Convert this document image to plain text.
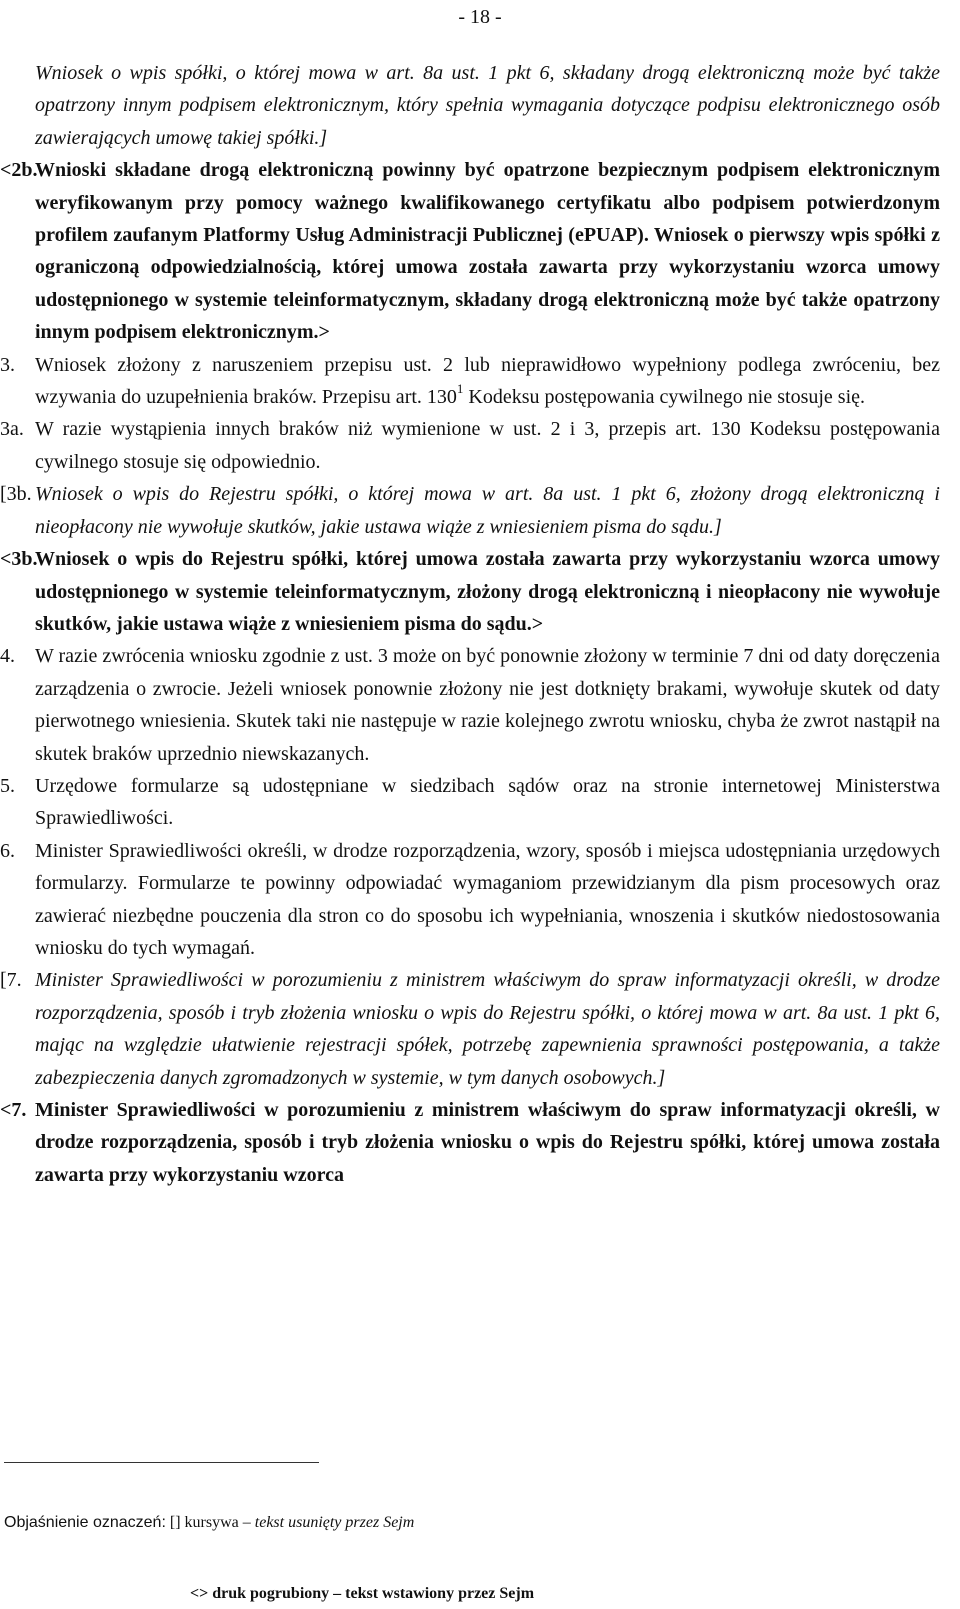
- 18 -
Wniosek o wpis spółki, o której mowa w art. 8a ust. 1 pkt 6, składany drogą elektroniczną może być także opatrzony innym podpisem elektronicznym, który spełnia wymagania dotyczące podpisu elektronicznego osób zawierających umowę takiej spółki.]
<2b.
Wnioski składane drogą elektroniczną powinny być opatrzone bezpiecznym podpisem elektronicznym weryfikowanym przy pomocy ważnego kwalifikowanego certyfikatu albo podpisem potwierdzonym profilem zaufanym Platformy Usług Administracji Publicznej (ePUAP). Wniosek o pierwszy wpis spółki z ograniczoną odpowiedzialnością, której umowa została zawarta przy wykorzystaniu wzorca umowy udostępnionego w systemie teleinformatycznym, składany drogą elektroniczną może być także opatrzony innym podpisem elektronicznym.>
3.	Wniosek złożony z naruszeniem przepisu ust. 2 lub nieprawidłowo wypełniony podlega zwróceniu, bez wzywania do uzupełnienia braków. Przepisu art. $130^1$ Kodeksu postępowania cywilnego nie stosuje się.
3a. W razie wystąpienia innych braków niż wymienione w ust. 2 i 3, przepis art. 130 Kodeksu postępowania cywilnego stosuje się odpowiednio.
[3b. Wniosek o wpis do Rejestru spółki, o której mowa w art. 8a ust. 1 pkt 6, złożony drogą elektroniczną i nieopłacony nie wywołuje skutków, jakie ustawa wiąże z wniesieniem pisma do sądu.]
<3b.
Wniosek o wpis do Rejestru spółki, której umowa została zawarta przy wykorzystaniu wzorca umowy udostępnionego w systemie teleinformatycznym, złożony drogą elektroniczną i nieopłacony nie wywołuje skutków, jakie ustawa wiąże z wniesieniem pisma do sądu.>
4.	W razie zwrócenia wniosku zgodnie z ust. 3 może on być ponownie złożony w terminie 7 dni od daty doręczenia zarządzenia o zwrocie. Jeżeli wniosek ponownie złożony nie jest dotknięty brakami, wywołuje skutek od daty pierwotnego wniesienia. Skutek taki nie następuje w razie kolejnego zwrotu wniosku, chyba że zwrot nastąpił na skutek braków uprzednio niewskazanych.
5.	Urzędowe formularze są udostępniane w siedzibach sądów oraz na stronie internetowej Ministerstwa Sprawiedliwości.
6.	Minister Sprawiedliwości określi, w drodze rozporządzenia, wzory, sposób i miejsca udostępniania urzędowych formularzy. Formularze te powinny odpowiadać wymaganiom przewidzianym dla pism procesowych oraz zawierać niezbędne pouczenia dla stron co do sposobu ich wypełniania, wnoszenia i skutków niedostosowania wniosku do tych wymagań.
[7. Minister Sprawiedliwości w porozumieniu z ministrem właściwym do spraw informatyzacji określi, w drodze rozporządzenia, sposób i tryb złożenia wniosku o wpis do Rejestru spółki, o której mowa w art. 8a ust. 1 pkt 6, mając na względzie ułatwienie rejestracji spółek, potrzebę zapewnienia sprawności postępowania, a także zabezpieczenia danych zgromadzonych w systemie, w tym danych osobowych.]
<7. Minister Sprawiedliwości w porozumieniu z ministrem właściwym do spraw informatyzacji określi, w drodze rozporządzenia, sposób i tryb złożenia wniosku o wpis do Rejestru spółki, której umowa została zawarta przy wykorzystaniu wzorca
Objaśnienie oznaczeń: [] kursywa – tekst usunięty przez Sejm
<> druk pogrubiony – tekst wstawiony przez Sejm
